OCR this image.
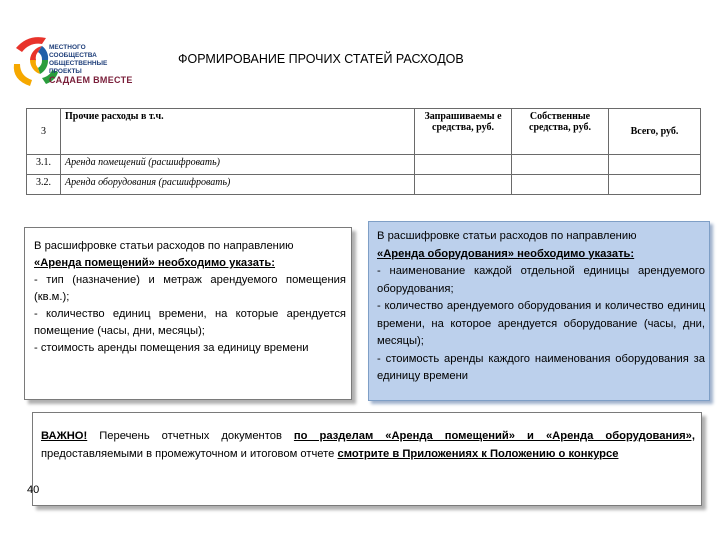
МЕСТНОГО СООБЩЕСТВА
ОБЩЕСТВЕННЫЕ ПРОЕКТЫ
САДАЕМ ВМЕСТЕ
ФОРМИРОВАНИЕ ПРОЧИХ СТАТЕЙ РАСХОДОВ
3	Прочие расходы в т.ч.	Запрашиваемы е средства, руб.	Собственные средства, руб.	Всего, руб.
3.1.	Аренда помещений (расшифровать)			
3.2.	Аренда оборудования (расшифровать)			

В расшифровке статьи расходов по направлению

«Аренда помещений» необходимо указать:

- тип (назначение) и метраж арендуемого помещения (кв.м.);

- количество единиц времени, на которые арендуется помещение (часы, дни, месяцы);

- стоимость аренды помещения за единицу времени

В расшифровке статьи расходов по направлению

«Аренда оборудования» необходимо указать:

- наименование каждой отдельной единицы арендуемого оборудования;

- количество арендуемого оборудования и количество единиц времени, на которое арендуется оборудование (часы, дни, месяцы);

- стоимость аренды каждого наименования оборудования за единицу времени

ВАЖНО! Перечень отчетных документов по разделам «Аренда помещений» и «Аренда оборудования», предоставляемыми в промежуточном и итоговом отчете смотрите в Приложениях к Положению о конкурсе
40
